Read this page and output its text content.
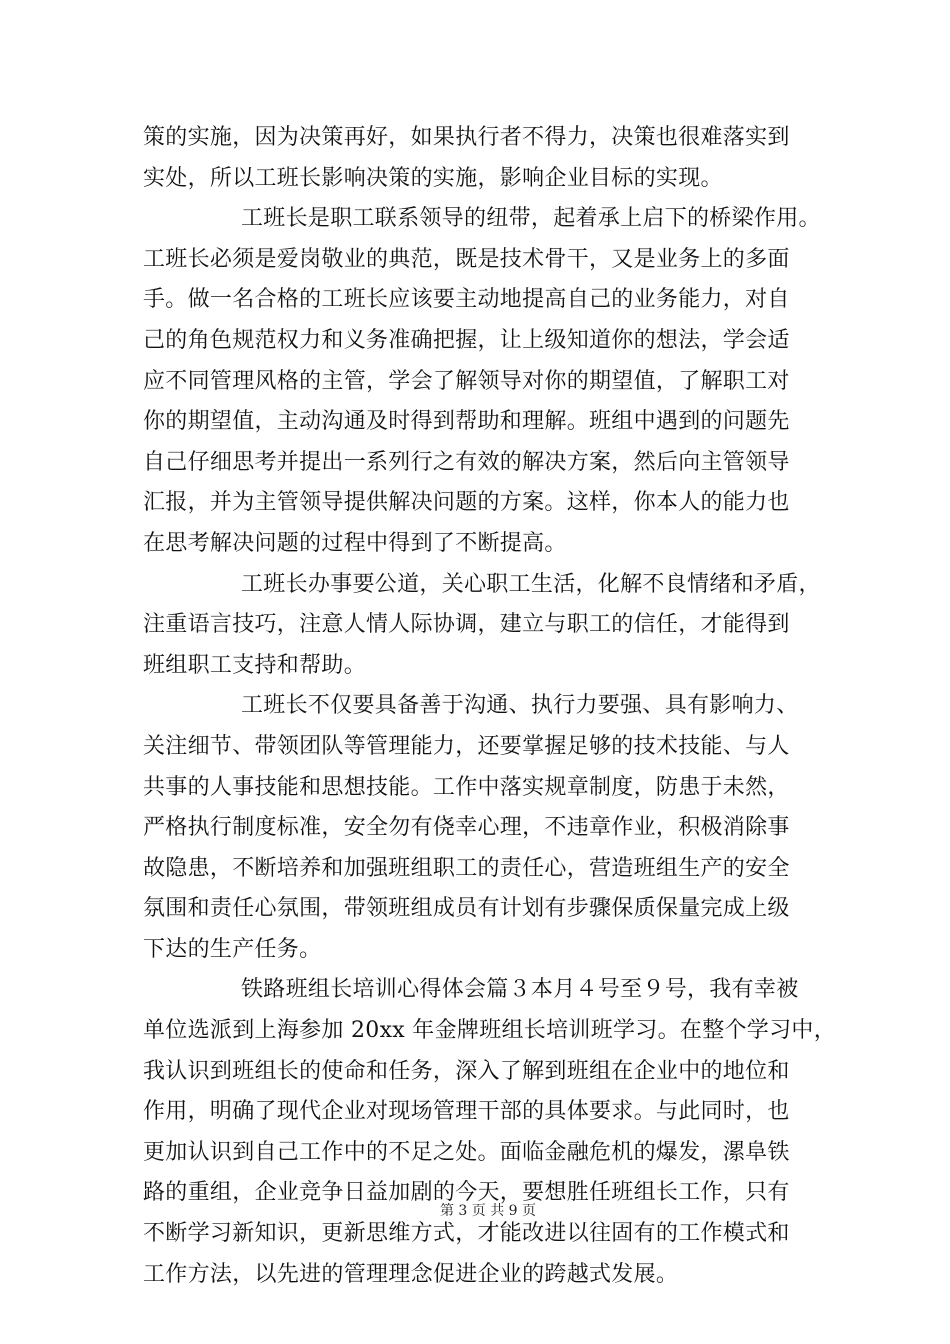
策的实施，因为决策再好，如果执行者不得力，决策也很难落实到
实处，所以工班长影响决策的实施，影响企业目标的实现。
工班长是职工联系领导的纽带，起着承上启下的桥梁作用。
工班长必须是爱岗敬业的典范，既是技术骨干，又是业务上的多面
手。做一名合格的工班长应该要主动地提高自己的业务能力，对自
己的角色规范权力和义务准确把握，让上级知道你的想法，学会适
应不同管理风格的主管，学会了解领导对你的期望值，了解职工对
你的期望值，主动沟通及时得到帮助和理解。班组中遇到的问题先
自己仔细思考并提出一系列行之有效的解决方案，然后向主管领导
汇报，并为主管领导提供解决问题的方案。这样，你本人的能力也
在思考解决问题的过程中得到了不断提高。
工班长办事要公道，关心职工生活，化解不良情绪和矛盾，
注重语言技巧，注意人情人际协调，建立与职工的信任，才能得到
班组职工支持和帮助。
工班长不仅要具备善于沟通、执行力要强、具有影响力、
关注细节、带领团队等管理能力，还要掌握足够的技术技能、与人
共事的人事技能和思想技能。工作中落实规章制度，防患于未然，
严格执行制度标准，安全勿有侥幸心理，不违章作业，积极消除事
故隐患，不断培养和加强班组职工的责任心，营造班组生产的安全
氛围和责任心氛围，带领班组成员有计划有步骤保质保量完成上级
下达的生产任务。
铁路班组长培训心得体会篇３本月４号至９号，我有幸被
单位选派到上海参加 20xx 年金牌班组长培训班学习。在整个学习中，
我认识到班组长的使命和任务，深入了解到班组在企业中的地位和
作用，明确了现代企业对现场管理干部的具体要求。与此同时，也
更加认识到自己工作中的不足之处。面临金融危机的爆发，漯阜铁
路的重组，企业竞争日益加剧的今天，要想胜任班组长工作，只有
不断学习新知识，更新思维方式，才能改进以往固有的工作模式和
工作方法，以先进的管理理念促进企业的跨越式发展。
第 3 页 共 9 页
